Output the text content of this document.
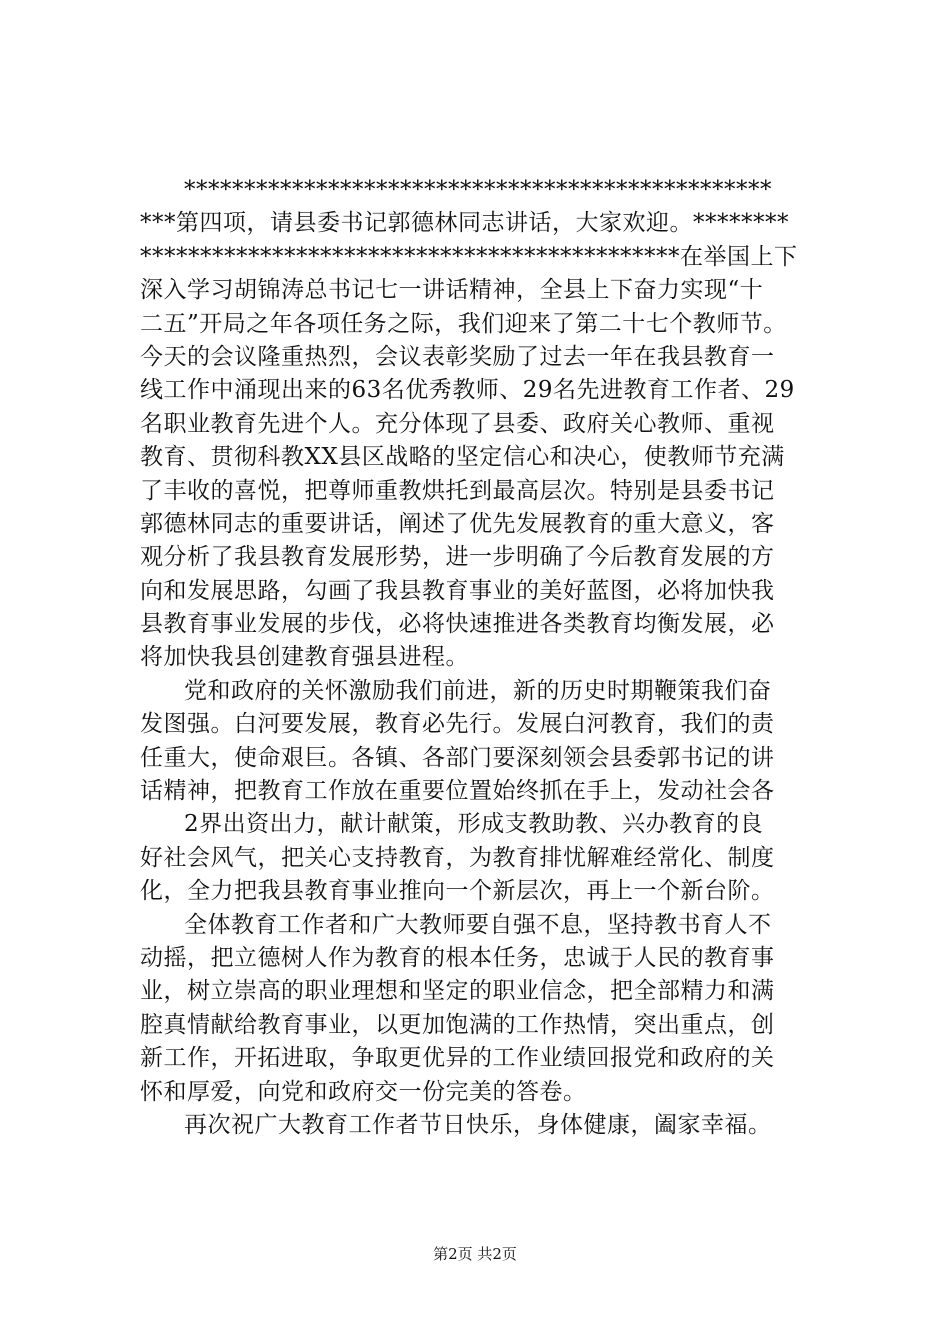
*************************************************
***第四项，请县委书记郭德林同志讲话，大家欢迎。********
*********************************************在举国上下
深入学习胡锦涛总书记七一讲话精神，全县上下奋力实现“十
二五”开局之年各项任务之际，我们迎来了第二十七个教师节。
今天的会议隆重热烈，会议表彰奖励了过去一年在我县教育一
线工作中涌现出来的63名优秀教师、29名先进教育工作者、29
名职业教育先进个人。充分体现了县委、政府关心教师、重视
教育、贯彻科教XX县区战略的坚定信心和决心，使教师节充满
了丰收的喜悦，把尊师重教烘托到最高层次。特别是县委书记
郭德林同志的重要讲话，阐述了优先发展教育的重大意义，客
观分析了我县教育发展形势，进一步明确了今后教育发展的方
向和发展思路，勾画了我县教育事业的美好蓝图，必将加快我
县教育事业发展的步伐，必将快速推进各类教育均衡发展，必
将加快我县创建教育强县进程。
党和政府的关怀激励我们前进，新的历史时期鞭策我们奋
发图强。白河要发展，教育必先行。发展白河教育，我们的责
任重大，使命艰巨。各镇、各部门要深刻领会县委郭书记的讲
话精神，把教育工作放在重要位置始终抓在手上，发动社会各
2界出资出力，献计献策，形成支教助教、兴办教育的良
好社会风气，把关心支持教育，为教育排忧解难经常化、制度
化，全力把我县教育事业推向一个新层次，再上一个新台阶。
全体教育工作者和广大教师要自强不息，坚持教书育人不
动摇，把立德树人作为教育的根本任务，忠诚于人民的教育事
业，树立崇高的职业理想和坚定的职业信念，把全部精力和满
腔真情献给教育事业，以更加饱满的工作热情，突出重点，创
新工作，开拓进取，争取更优异的工作业绩回报党和政府的关
怀和厚爱，向党和政府交一份完美的答卷。
再次祝广大教育工作者节日快乐，身体健康，阖家幸福。
第2页 共2页
